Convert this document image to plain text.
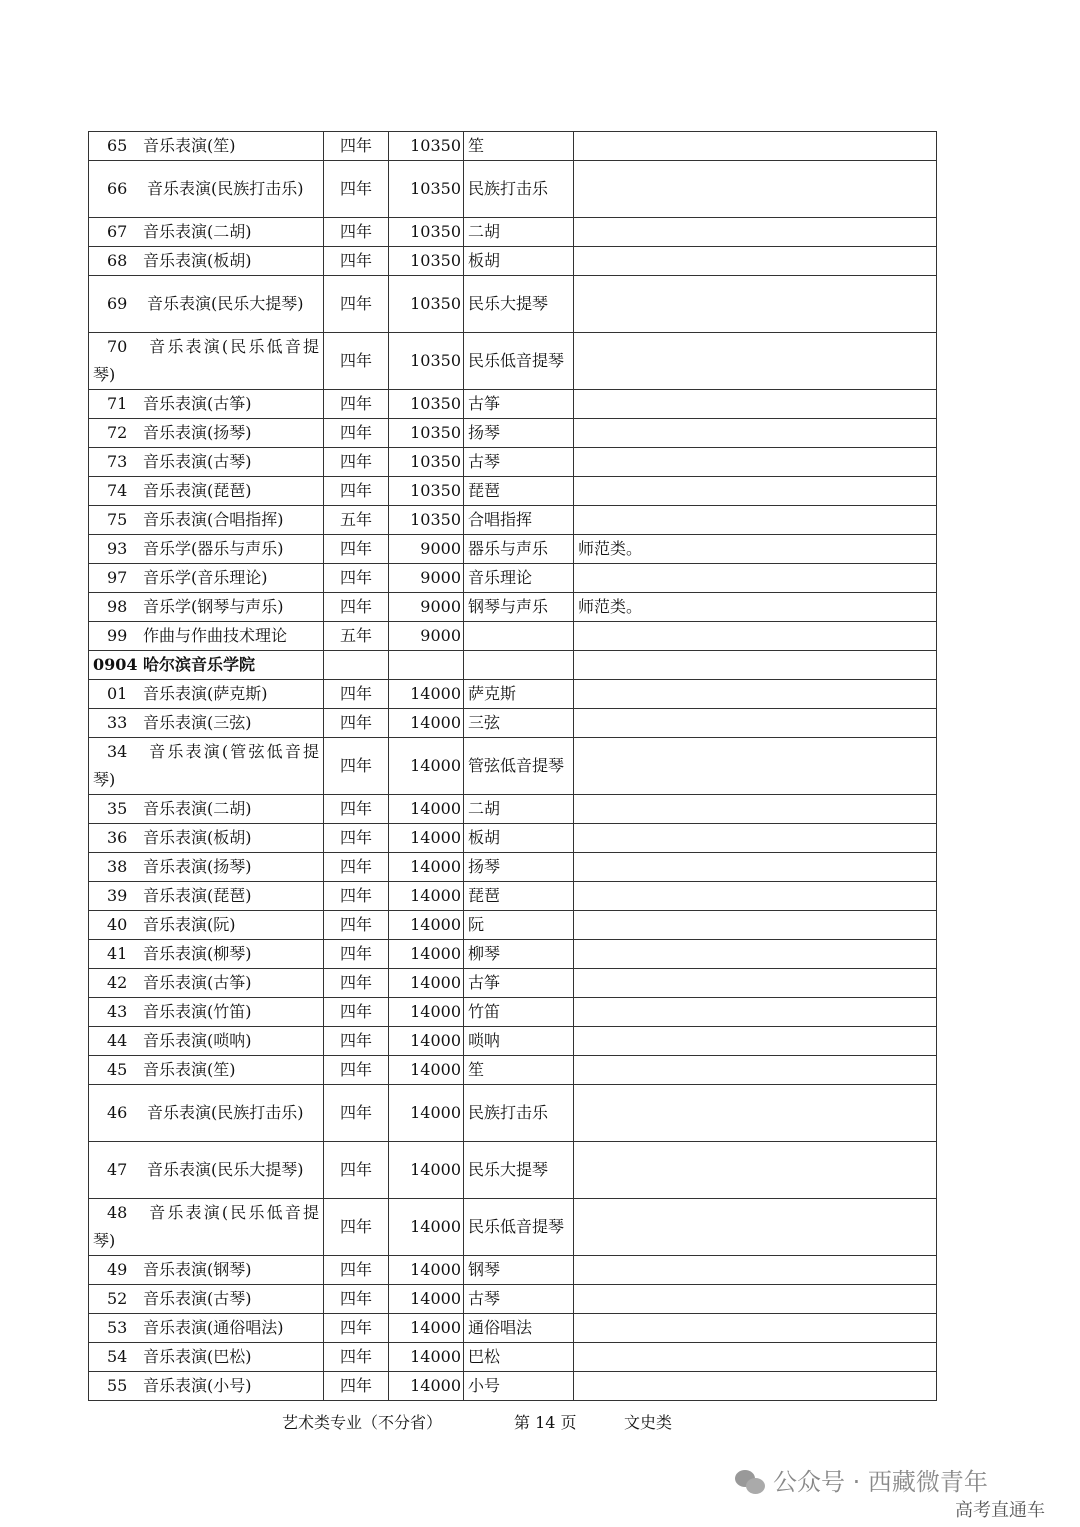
65 音乐表演(笙)	四年	10350	笙	
66 音乐表演(民族打击乐)	四年	10350	民族打击乐	
67 音乐表演(二胡)	四年	10350	二胡	
68 音乐表演(板胡)	四年	10350	板胡	
69 音乐表演(民乐大提琴)	四年	10350	民乐大提琴	
70 音乐表演(民乐低音提琴)	四年	10350	民乐低音提琴	
71 音乐表演(古筝)	四年	10350	古筝	
72 音乐表演(扬琴)	四年	10350	扬琴	
73 音乐表演(古琴)	四年	10350	古琴	
74 音乐表演(琵琶)	四年	10350	琵琶	
75 音乐表演(合唱指挥)	五年	10350	合唱指挥	
93 音乐学(器乐与声乐)	四年	9000	器乐与声乐	师范类。
97 音乐学(音乐理论)	四年	9000	音乐理论	
98 音乐学(钢琴与声乐)	四年	9000	钢琴与声乐	师范类。
99 作曲与作曲技术理论	五年	9000		
0904 哈尔滨音乐学院				
01 音乐表演(萨克斯)	四年	14000	萨克斯	
33 音乐表演(三弦)	四年	14000	三弦	
34 音乐表演(管弦低音提琴)	四年	14000	管弦低音提琴	
35 音乐表演(二胡)	四年	14000	二胡	
36 音乐表演(板胡)	四年	14000	板胡	
38 音乐表演(扬琴)	四年	14000	扬琴	
39 音乐表演(琵琶)	四年	14000	琵琶	
40 音乐表演(阮)	四年	14000	阮	
41 音乐表演(柳琴)	四年	14000	柳琴	
42 音乐表演(古筝)	四年	14000	古筝	
43 音乐表演(竹笛)	四年	14000	竹笛	
44 音乐表演(唢呐)	四年	14000	唢呐	
45 音乐表演(笙)	四年	14000	笙	
46 音乐表演(民族打击乐)	四年	14000	民族打击乐	
47 音乐表演(民乐大提琴)	四年	14000	民乐大提琴	
48 音乐表演(民乐低音提琴)	四年	14000	民乐低音提琴	
49 音乐表演(钢琴)	四年	14000	钢琴	
52 音乐表演(古琴)	四年	14000	古琴	
53 音乐表演(通俗唱法)	四年	14000	通俗唱法	
54 音乐表演(巴松)	四年	14000	巴松	
55 音乐表演(小号)	四年	14000	小号	
艺术类专业（不分省）	第 14 页	文史类
公众号 · 西藏微青年
高考直通车
